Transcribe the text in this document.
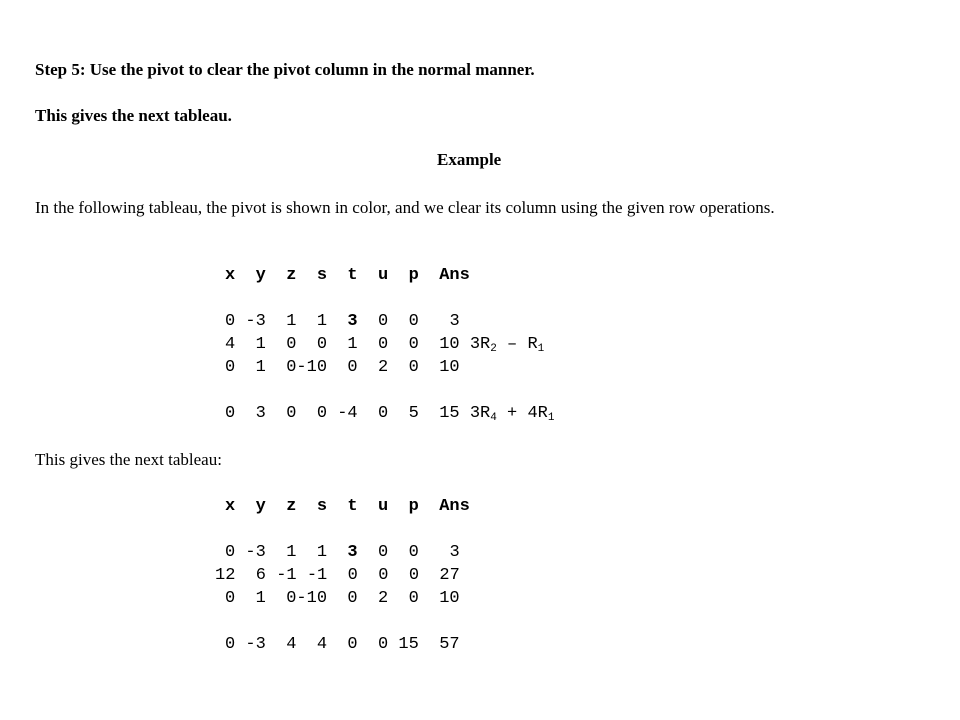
Step 5: Use the pivot to clear the pivot column in the normal manner.
This gives the next tableau.
Example
In the following tableau, the pivot is shown in color, and we clear its column using the given row operations.
x  y  z  s  t  u  p  Ans
0 -3  1  1  3  0  0   3
4  1  0  0  1  0  0  10 $3R_2 - R_1$
0  1  0-10  0  2  0  10
0  3  0  0 -4  0  5  15 $3R_4 + 4R_1$
This gives the next tableau:
x  y  z  s  t  u  p  Ans
0 -3  1  1  3  0  0   3
12  6 -1 -1  0  0  0  27
0  1  0-10  0  2  0  10
0 -3  4  4  0  0 15  57
